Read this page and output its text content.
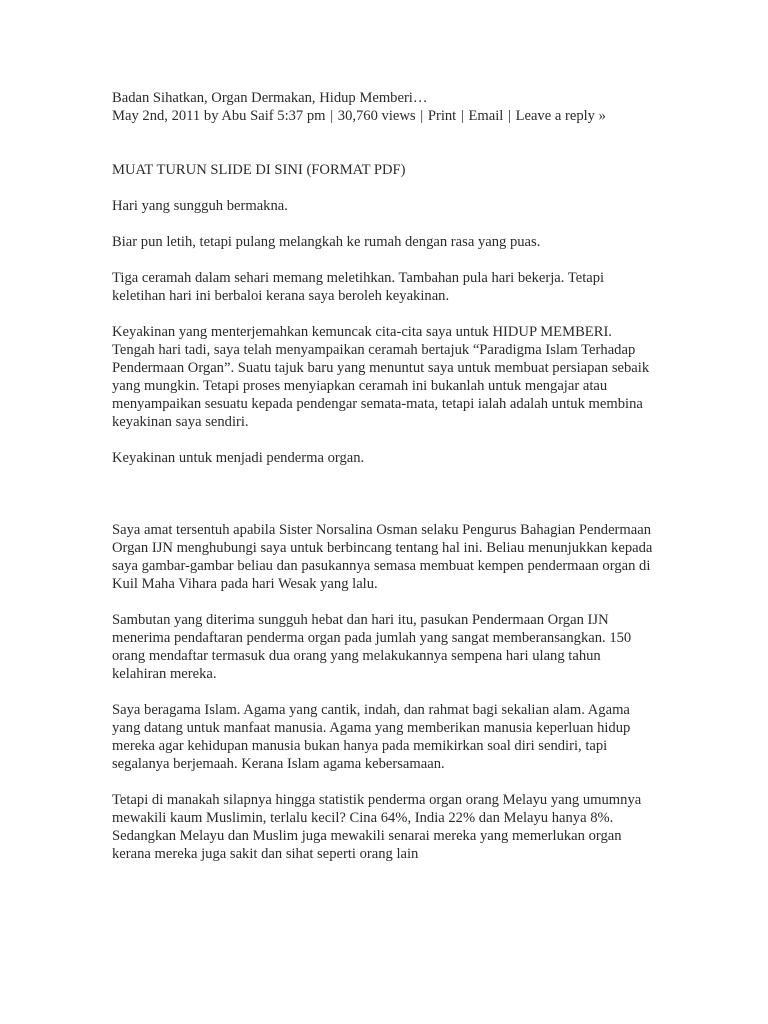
Badan Sihatkan, Organ Dermakan, Hidup Memberi…

May 2nd, 2011 by Abu Saif 5:37 pm | 30,760 views | Print | Email | Leave a reply »

MUAT TURUN SLIDE DI SINI (FORMAT PDF)

Hari yang sungguh bermakna.

Biar pun letih, tetapi pulang melangkah ke rumah dengan rasa yang puas.

Tiga ceramah dalam sehari memang meletihkan. Tambahan pula hari bekerja. Tetapi keletihan hari ini berbaloi kerana saya beroleh keyakinan.

Keyakinan yang menterjemahkan kemuncak cita-cita saya untuk HIDUP MEMBERI. Tengah hari tadi, saya telah menyampaikan ceramah bertajuk “Paradigma Islam Terhadap Pendermaan Organ”. Suatu tajuk baru yang menuntut saya untuk membuat persiapan sebaik yang mungkin. Tetapi proses menyiapkan ceramah ini bukanlah untuk mengajar atau menyampaikan sesuatu kepada pendengar semata-mata, tetapi ialah adalah untuk membina keyakinan saya sendiri.

Keyakinan untuk menjadi penderma organ.

Saya amat tersentuh apabila Sister Norsalina Osman selaku Pengurus Bahagian Pendermaan Organ IJN menghubungi saya untuk berbincang tentang hal ini. Beliau menunjukkan kepada saya gambar-gambar beliau dan pasukannya semasa membuat kempen pendermaan organ di Kuil Maha Vihara pada hari Wesak yang lalu.

Sambutan yang diterima sungguh hebat dan hari itu, pasukan Pendermaan Organ IJN menerima pendaftaran penderma organ pada jumlah yang sangat memberansangkan. 150 orang mendaftar termasuk dua orang yang melakukannya sempena hari ulang tahun kelahiran mereka.

Saya beragama Islam. Agama yang cantik, indah, dan rahmat bagi sekalian alam. Agama yang datang untuk manfaat manusia. Agama yang memberikan manusia keperluan hidup mereka agar kehidupan manusia bukan hanya pada memikirkan soal diri sendiri, tapi segalanya berjemaah. Kerana Islam agama kebersamaan.

Tetapi di manakah silapnya hingga statistik penderma organ orang Melayu yang umumnya mewakili kaum Muslimin, terlalu kecil? Cina 64%, India 22% dan Melayu hanya 8%. Sedangkan Melayu dan Muslim juga mewakili senarai mereka yang memerlukan organ kerana mereka juga sakit dan sihat seperti orang lain
